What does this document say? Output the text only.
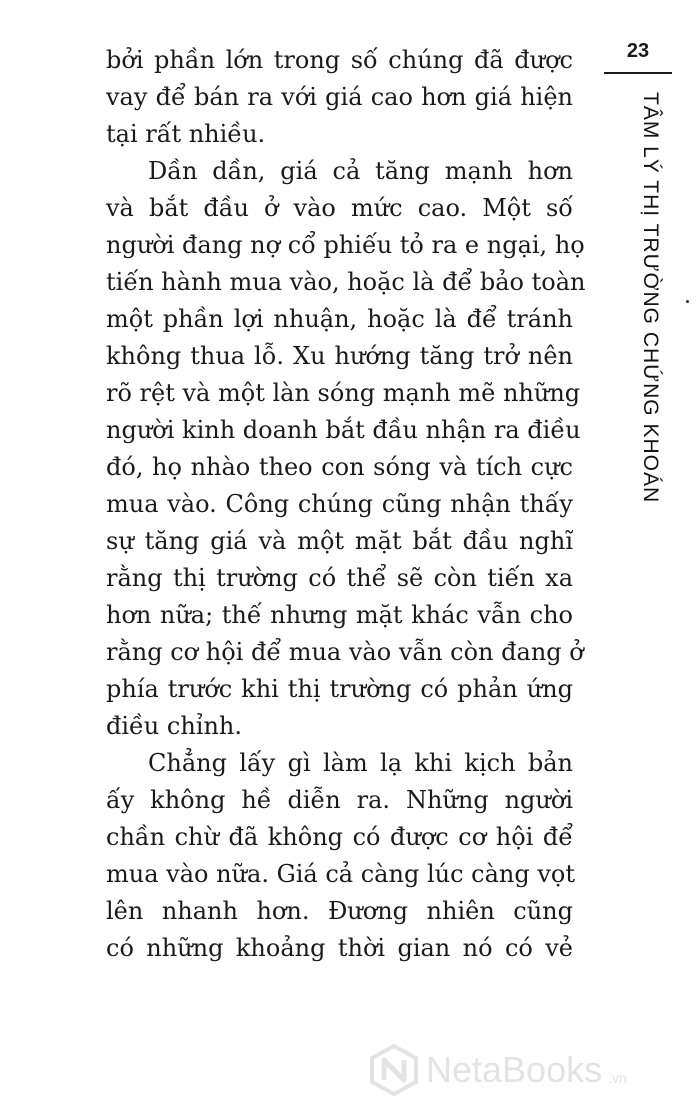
bởi phần lớn trong số chúng đã được
vay để bán ra với giá cao hơn giá hiện
tại rất nhiều.
Dần dần, giá cả tăng mạnh hơn
và bắt đầu ở vào mức cao. Một số
người đang nợ cổ phiếu tỏ ra e ngại, họ
tiến hành mua vào, hoặc là để bảo toàn
một phần lợi nhuận, hoặc là để tránh
không thua lỗ. Xu hướng tăng trở nên
rõ rệt và một làn sóng mạnh mẽ những
người kinh doanh bắt đầu nhận ra điều
đó, họ nhào theo con sóng và tích cực
mua vào. Công chúng cũng nhận thấy
sự tăng giá và một mặt bắt đầu nghĩ
rằng thị trường có thể sẽ còn tiến xa
hơn nữa; thế nhưng mặt khác vẫn cho
rằng cơ hội để mua vào vẫn còn đang ở
phía trước khi thị trường có phản ứng
điều chỉnh.
Chẳng lấy gì làm lạ khi kịch bản
ấy không hề diễn ra. Những người
chần chừ đã không có được cơ hội để
mua vào nữa. Giá cả càng lúc càng vọt
lên nhanh hơn. Đương nhiên cũng
có những khoảng thời gian nó có vẻ
23
TÂM LÝ THỊ TRƯỜNG CHỨNG KHOÁN
NetaBooks .vn
